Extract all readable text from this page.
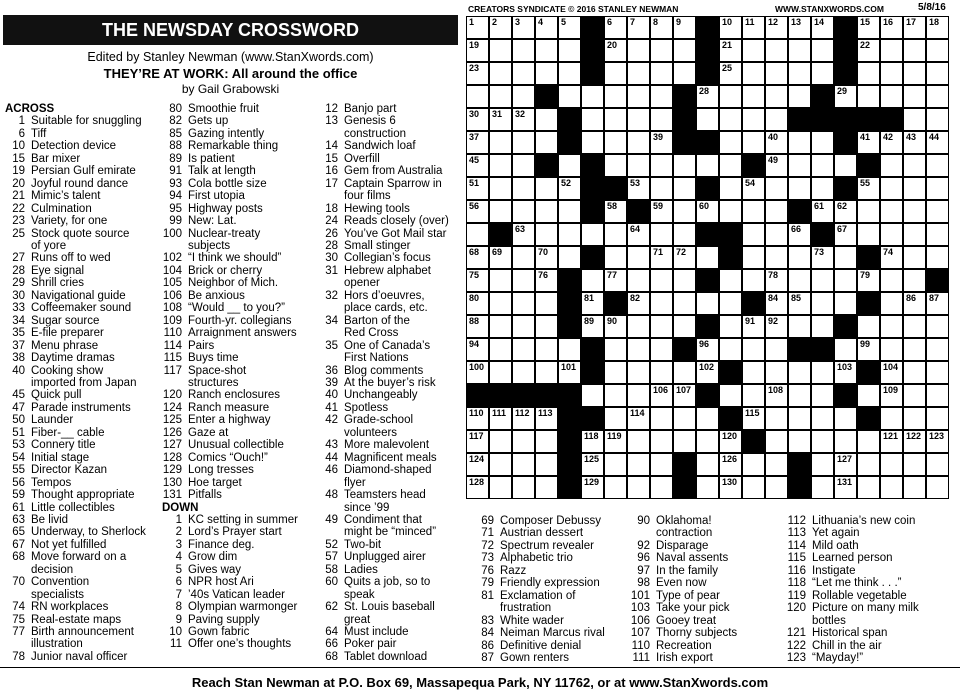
THE NEWSDAY CROSSWORD
Edited by Stanley Newman (www.StanXwords.com)
THEY’RE AT WORK: All around the office
by Gail Grabowski
CREATORS SYNDICATE © 2016 STANLEY NEWMAN	WWW.STANXWORDS.COM	5/8/16
1 2 3 4 5	6 7 8 9	10 11 12 13 14	15 16 17 18
19	20	21	22
23	25
28	29
30 31 32
37	39	40	41 42 43 44
45	49
51	52	53	54	55
56	58	59	60	61 62
63	64	66	67
68 69	70	71 72	73	74
75	76	77	78	79
80	81	82	84 85	86 87
88	89 90	91 92
94	96	99
100	101	102	103	104
106 107	108	109
110 111 112 113	114	115
117	118 119	120	121 122 123
124	125	126	127
128	129	130	131
ACROSS
1 Suitable for snuggling
6 Tiff
10 Detection device
15 Bar mixer
19 Persian Gulf emirate
20 Joyful round dance
21 Mimic’s talent
22 Culmination
23 Variety, for one
25 Stock quote source
of yore
27 Runs off to wed
28 Eye signal
29 Shrill cries
30 Navigational guide
33 Coffeemaker sound
34 Sugar source
35 E-file preparer
37 Menu phrase
38 Daytime dramas
40 Cooking show
imported from Japan
45 Quick pull
47 Parade instruments
50 Launder
51 Fiber-__ cable
53 Connery title
54 Initial stage
55 Director Kazan
56 Tempos
59 Thought appropriate
61 Little collectibles
63 Be livid
65 Underway, to Sherlock
67 Not yet fulfilled
68 Move forward on a
decision
70 Convention
specialists
74 RN workplaces
75 Real-estate maps
77 Birth announcement
illustration
78 Junior naval officer
80 Smoothie fruit
82 Gets up
85 Gazing intently
88 Remarkable thing
89 Is patient
91 Talk at length
93 Cola bottle size
94 First utopia
95 Highway posts
99 New: Lat.
100 Nuclear-treaty
subjects
102 “I think we should”
104 Brick or cherry
105 Neighbor of Mich.
106 Be anxious
108 “Would __ to you?”
109 Fourth-yr. collegians
110 Arraignment answers
114 Pairs
115 Buys time
117 Space-shot
structures
120 Ranch enclosures
124 Ranch measure
125 Enter a highway
126 Gaze at
127 Unusual collectible
128 Comics “Ouch!”
129 Long tresses
130 Hoe target
131 Pitfalls
DOWN
1 KC setting in summer
2 Lord’s Prayer start
3 Finance deg.
4 Grow dim
5 Gives way
6 NPR host Ari
7 ’40s Vatican leader
8 Olympian warmonger
9 Paving supply
10 Gown fabric
11 Offer one’s thoughts
12 Banjo part
13 Genesis 6
construction
14 Sandwich loaf
15 Overfill
16 Gem from Australia
17 Captain Sparrow in
four films
18 Hewing tools
24 Reads closely (over)
26 You’ve Got Mail star
28 Small stinger
30 Collegian’s focus
31 Hebrew alphabet
opener
32 Hors d’oeuvres,
place cards, etc.
34 Barton of the
Red Cross
35 One of Canada’s
First Nations
36 Blog comments
39 At the buyer’s risk
40 Unchangeably
41 Spotless
42 Grade-school
volunteers
43 More malevolent
44 Magnificent meals
46 Diamond-shaped
flyer
48 Teamsters head
since ’99
49 Condiment that
might be “minced”
52 Two-bit
57 Unplugged airer
58 Ladies
60 Quits a job, so to
speak
62 St. Louis baseball
great
64 Must include
66 Poker pair
68 Tablet download
69 Composer Debussy
71 Austrian dessert
72 Spectrum revealer
73 Alphabetic trio
76 Razz
79 Friendly expression
81 Exclamation of
frustration
83 White wader
84 Neiman Marcus rival
86 Definitive denial
87 Gown renters
90 Oklahoma!
contraction
92 Disparage
96 Naval assents
97 In the family
98 Even now
101 Type of pear
103 Take your pick
106 Gooey treat
107 Thorny subjects
110 Recreation
111 Irish export
112 Lithuania’s new coin
113 Yet again
114 Mild oath
115 Learned person
116 Instigate
118 “Let me think . . .”
119 Rollable vegetable
120 Picture on many milk
bottles
121 Historical span
122 Chill in the air
123 “Mayday!”
Reach Stan Newman at P.O. Box 69, Massapequa Park, NY 11762, or at www.StanXwords.com
